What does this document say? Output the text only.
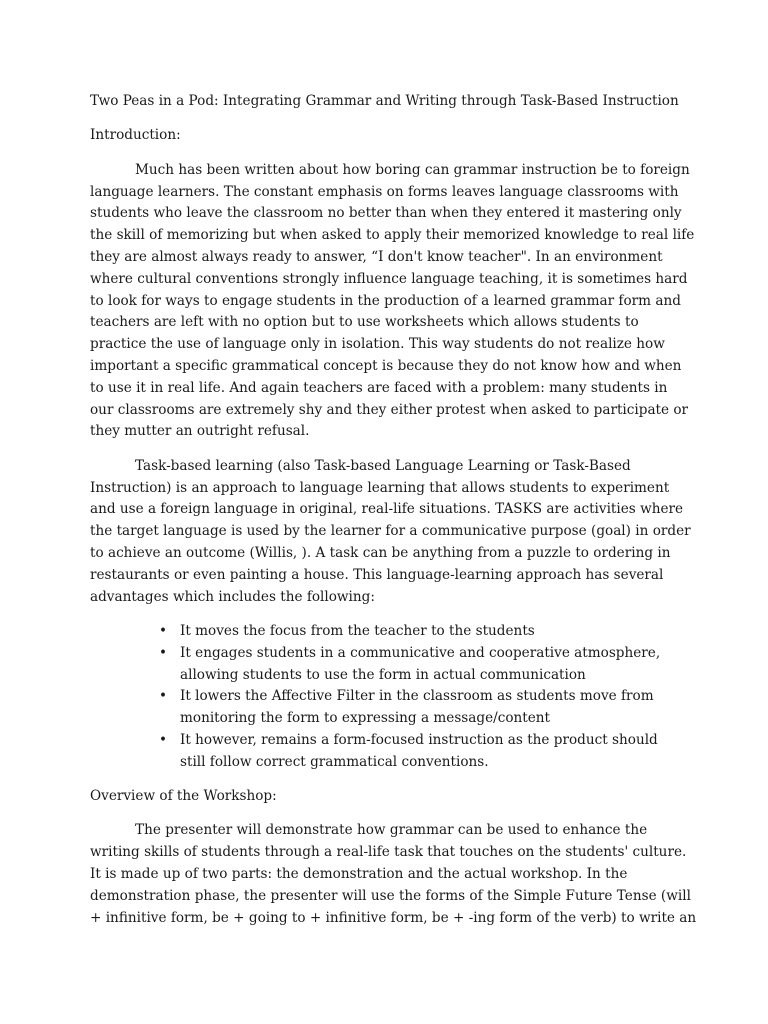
Two Peas in a Pod: Integrating Grammar and Writing through Task-Based Instruction

Introduction:

Much has been written about how boring can grammar instruction be to foreign
language learners. The constant emphasis on forms leaves language classrooms with
students who leave the classroom no better than when they entered it mastering only
the skill of memorizing but when asked to apply their memorized knowledge to real life
they are almost always ready to answer, “I don't know teacher". In an environment
where cultural conventions strongly influence language teaching, it is sometimes hard
to look for ways to engage students in the production of a learned grammar form and
teachers are left with no option but to use worksheets which allows students to
practice the use of language only in isolation. This way students do not realize how
important a specific grammatical concept is because they do not know how and when
to use it in real life. And again teachers are faced with a problem: many students in
our classrooms are extremely shy and they either protest when asked to participate or
they mutter an outright refusal.

Task-based learning (also Task-based Language Learning or Task-Based
Instruction) is an approach to language learning that allows students to experiment
and use a foreign language in original, real-life situations. TASKS are activities where
the target language is used by the learner for a communicative purpose (goal) in order
to achieve an outcome (Willis, ). A task can be anything from a puzzle to ordering in
restaurants or even painting a house. This language-learning approach has several
advantages which includes the following:

• It moves the focus from the teacher to the students
• It engages students in a communicative and cooperative atmosphere,
allowing students to use the form in actual communication
• It lowers the Affective Filter in the classroom as students move from
monitoring the form to expressing a message/content
• It however, remains a form-focused instruction as the product should
still follow correct grammatical conventions.

Overview of the Workshop:

The presenter will demonstrate how grammar can be used to enhance the
writing skills of students through a real-life task that touches on the students' culture.
It is made up of two parts: the demonstration and the actual workshop. In the
demonstration phase, the presenter will use the forms of the Simple Future Tense (will
+ infinitive form, be + going to + infinitive form, be + -ing form of the verb) to write an
